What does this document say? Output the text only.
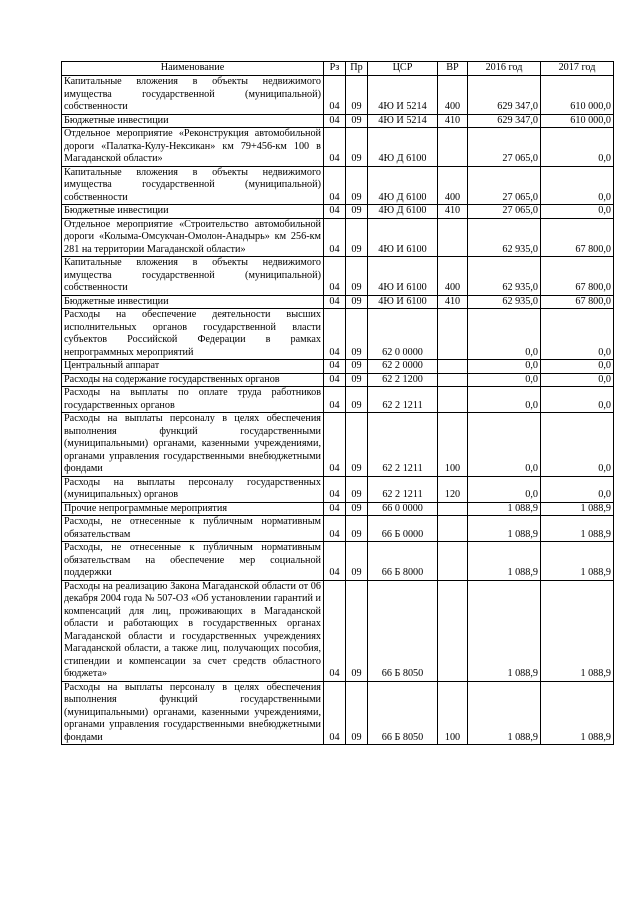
Наименование	Рз	Пр	ЦСР	ВР	2016 год	2017 год
Капитальные вложения в объекты недвижимого имущества государственной (муниципальной) собственности	04	09	4Ю И 5214	400	629 347,0	610 000,0
Бюджетные инвестиции	04	09	4Ю И 5214	410	629 347,0	610 000,0
Отдельное мероприятие «Реконструкция автомобильной дороги «Палатка-Кулу-Нексикан» км 79+456-км 100 в Магаданской области»	04	09	4Ю Д 6100		27 065,0	0,0
Капитальные вложения в объекты недвижимого имущества государственной (муниципальной) собственности	04	09	4Ю Д 6100	400	27 065,0	0,0
Бюджетные инвестиции	04	09	4Ю Д 6100	410	27 065,0	0,0
Отдельное мероприятие «Строительство автомобильной дороги «Колыма-Омсукчан-Омолон-Анадырь» км 256-км 281 на территории Магаданской области»	04	09	4Ю И 6100		62 935,0	67 800,0
Капитальные вложения в объекты недвижимого имущества государственной (муниципальной) собственности	04	09	4Ю И 6100	400	62 935,0	67 800,0
Бюджетные инвестиции	04	09	4Ю И 6100	410	62 935,0	67 800,0
Расходы на обеспечение деятельности высших исполнительных органов государственной власти субъектов Российской Федерации в рамках непрограммных мероприятий	04	09	62 0 0000		0,0	0,0
Центральный аппарат	04	09	62 2 0000		0,0	0,0
Расходы на содержание государственных органов	04	09	62 2 1200		0,0	0,0
Расходы на выплаты по оплате труда работников государственных органов	04	09	62 2 1211		0,0	0,0
Расходы на выплаты персоналу в целях обеспечения выполнения функций государственными (муниципальными) органами, казенными учреждениями, органами управления государственными внебюджетными фондами	04	09	62 2 1211	100	0,0	0,0
Расходы на выплаты персоналу государственных (муниципальных) органов	04	09	62 2 1211	120	0,0	0,0
Прочие непрограммные мероприятия	04	09	66 0 0000		1 088,9	1 088,9
Расходы, не отнесенные к публичным нормативным обязательствам	04	09	66 Б 0000		1 088,9	1 088,9
Расходы, не отнесенные к публичным нормативным обязательствам на обеспечение мер социальной поддержки	04	09	66 Б 8000		1 088,9	1 088,9
Расходы на реализацию Закона Магаданской области от 06 декабря 2004 года № 507-ОЗ «Об установлении гарантий и компенсаций для лиц, проживающих в Магаданской области и работающих в государственных органах Магаданской области и государственных учреждениях Магаданской области, а также лиц, получающих пособия, стипендии и компенсации за счет средств областного бюджета»	04	09	66 Б 8050		1 088,9	1 088,9
Расходы на выплаты персоналу в целях обеспечения выполнения функций государственными (муниципальными) органами, казенными учреждениями, органами управления государственными внебюджетными фондами	04	09	66 Б 8050	100	1 088,9	1 088,9
